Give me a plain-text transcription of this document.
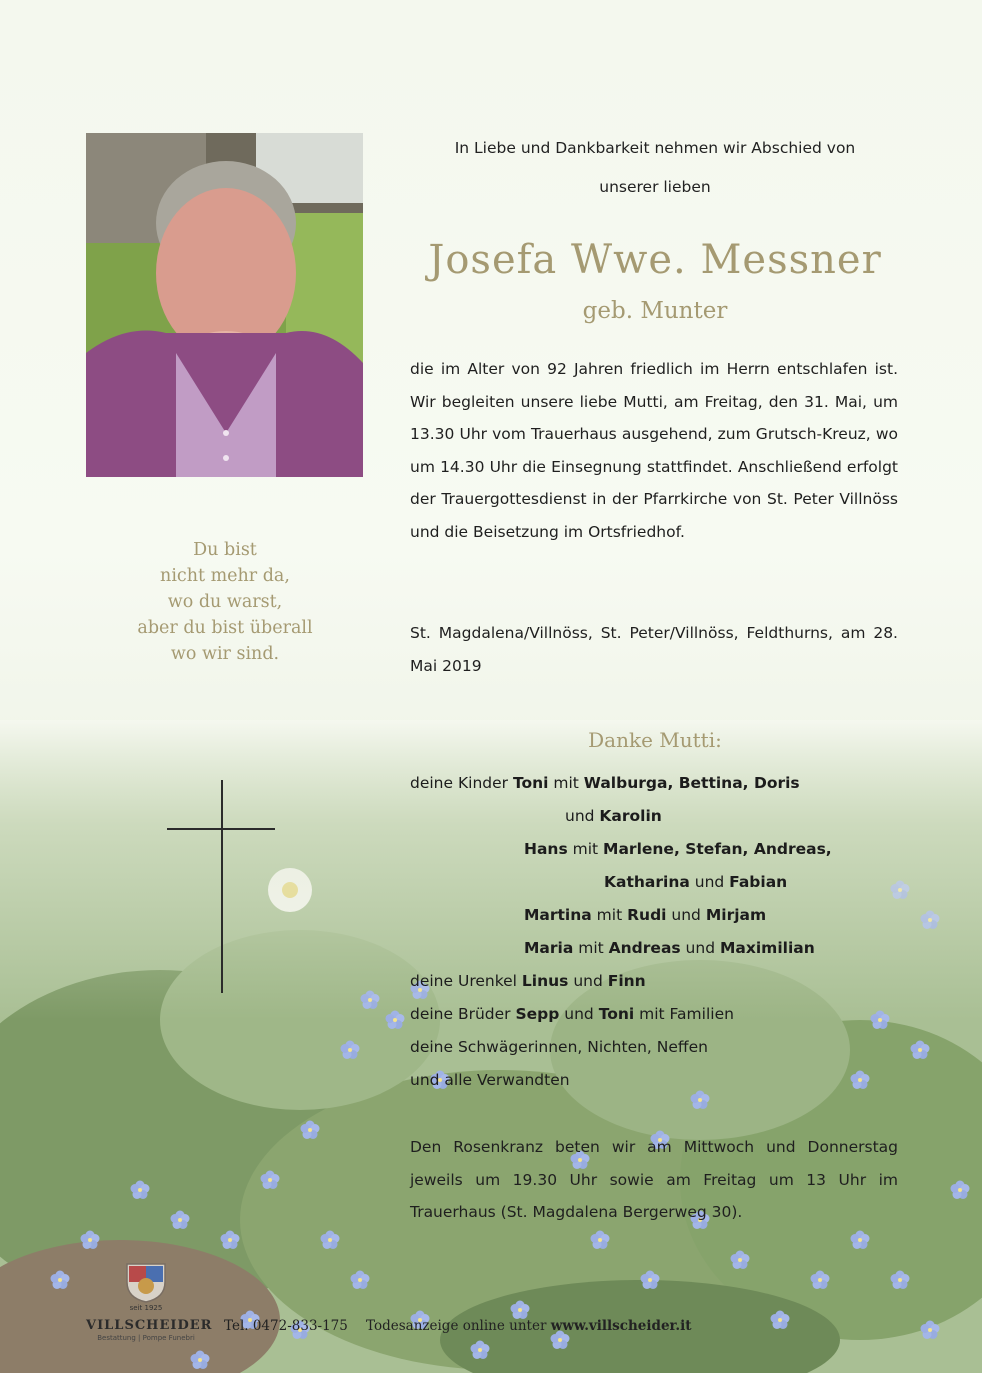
Du bist
nicht mehr da,
wo du warst,
aber du bist überall
wo wir sind.
In Liebe und Dankbarkeit nehmen wir Abschied von
unserer lieben
Josefa Wwe. Messner
geb. Munter
die im Alter von 92 Jahren friedlich im Herrn entschlafen ist. Wir begleiten unsere liebe Mutti, am Freitag, den 31. Mai, um 13.30 Uhr vom Trauerhaus ausgehend, zum Grutsch-Kreuz, wo um 14.30 Uhr die Einsegnung stattfindet. Anschließend erfolgt der Trauergottesdienst in der Pfarrkirche von St. Peter Villnöss und die Beisetzung im Ortsfriedhof.
St. Magdalena/Villnöss, St. Peter/Villnöss, Feldthurns, am 28. Mai 2019
Danke Mutti:
deine Kinder Toni mit Walburga, Bettina, Doris
und Karolin
Hans mit Marlene, Stefan, Andreas,
Katharina und Fabian
Martina mit Rudi und Mirjam
Maria mit Andreas und Maximilian
deine Urenkel Linus und Finn
deine Brüder Sepp und Toni mit Familien
deine Schwägerinnen, Nichten, Neffen
und alle Verwandten
Den Rosenkranz beten wir am Mittwoch und Donnerstag jeweils um 19.30 Uhr sowie am Freitag um 13 Uhr im Trauerhaus (St. Magdalena Bergerweg 30).
seit 1925
VILLSCHEIDER
Bestattung | Pompe Funebri
Tel. 0472-833-175 Todesanzeige online unter www.villscheider.it
